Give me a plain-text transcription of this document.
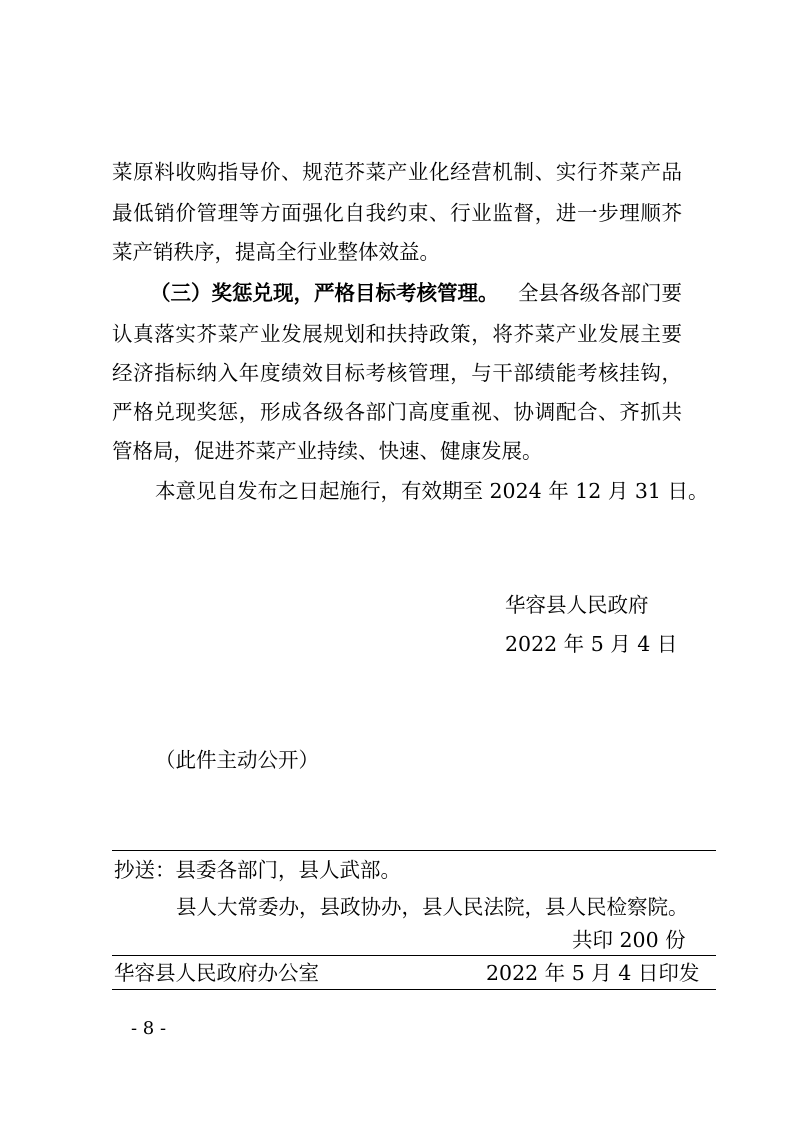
菜原料收购指导价、规范芥菜产业化经营机制、实行芥菜产品
最低销价管理等方面强化自我约束、行业监督，进一步理顺芥
菜产销秩序，提高全行业整体效益。
（三）奖惩兑现，严格目标考核管理。 全县各级各部门要
认真落实芥菜产业发展规划和扶持政策，将芥菜产业发展主要
经济指标纳入年度绩效目标考核管理，与干部绩能考核挂钩，
严格兑现奖惩，形成各级各部门高度重视、协调配合、齐抓共
管格局，促进芥菜产业持续、快速、健康发展。
本意见自发布之日起施行，有效期至 2024 年 12 月 31 日。
华容县人民政府
2022 年 5 月 4 日
（此件主动公开）
抄送：县委各部门，县人武部。
县人大常委办，县政协办，县人民法院，县人民检察院。
共印 200 份
华容县人民政府办公室	2022 年 5 月 4 日印发
- 8 -
